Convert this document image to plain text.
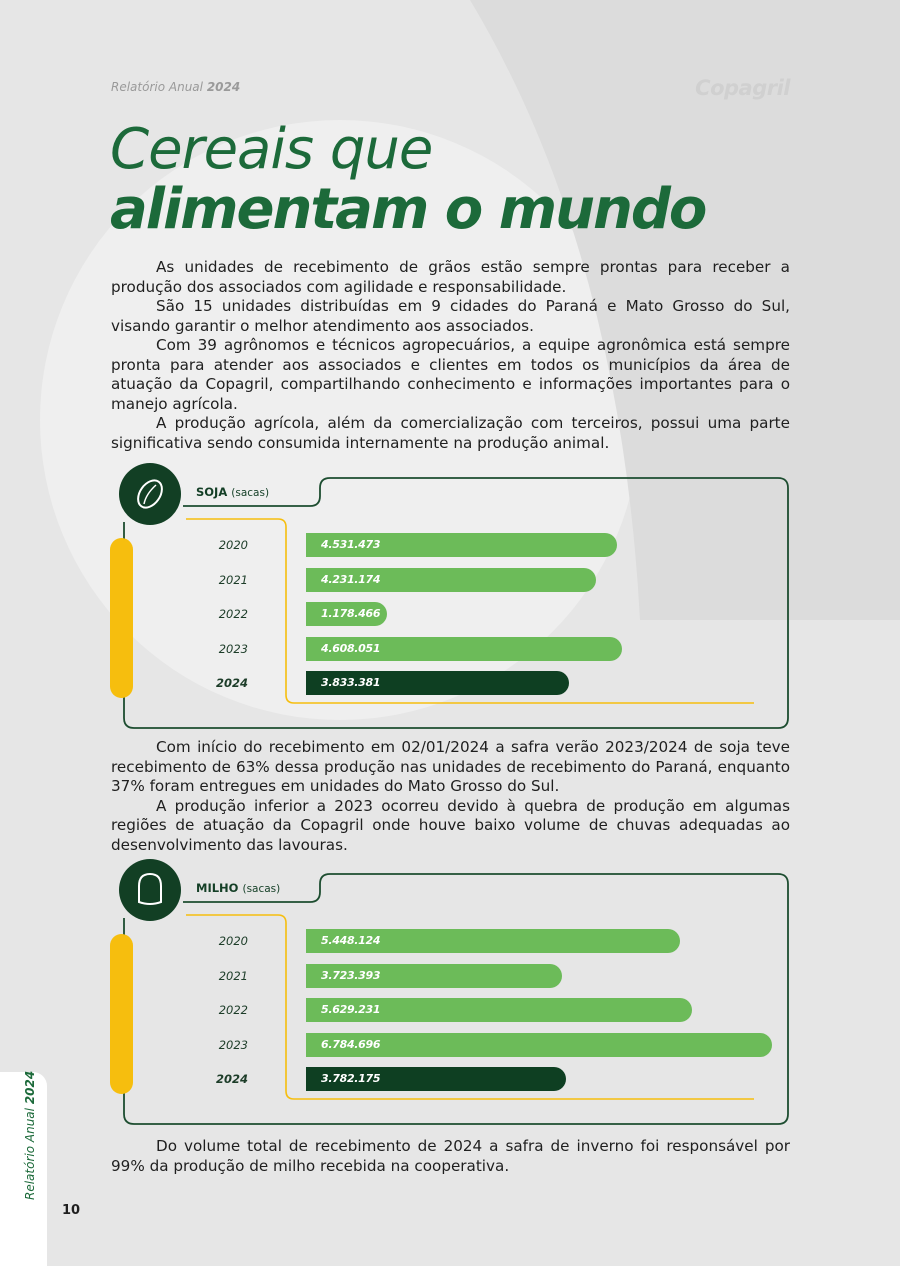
Relatório Anual 2024	Copagril
Cereais que
alimentam o mundo

As unidades de recebimento de grãos estão sempre prontas para receber a produção dos associados com agilidade e responsabilidade.

São 15 unidades distribuídas em 9 cidades do Paraná e Mato Grosso do Sul, visando garantir o melhor atendimento aos associados.

Com 39 agrônomos e técnicos agropecuários, a equipe agronômica está sempre pronta para atender aos associados e clientes em todos os municípios da área de atuação da Copagril, compartilhando conhecimento e informações importantes para o manejo agrícola.

A produção agrícola, além da comercialização com terceiros, possui uma parte significativa sendo consumida internamente na produção animal.

SOJA (sacas)
2020	4.531.473
2021	4.231.174
2022	1.178.466
2023	4.608.051
2024	3.833.381

Com início do recebimento em 02/01/2024 a safra verão 2023/2024 de soja teve recebimento de 63% dessa produção nas unidades de recebimento do Paraná, enquanto 37% foram entregues em unidades do Mato Grosso do Sul.

A produção inferior a 2023 ocorreu devido à quebra de produção em algumas regiões de atuação da Copagril onde houve baixo volume de chuvas adequadas ao desenvolvimento das lavouras.

MILHO (sacas)
2020	5.448.124
2021	3.723.393
2022	5.629.231
2023	6.784.696
2024	3.782.175

Do volume total de recebimento de 2024 a safra de inverno foi responsável por 99% da produção de milho recebida na cooperativa.

Relatório Anual 2024
10
